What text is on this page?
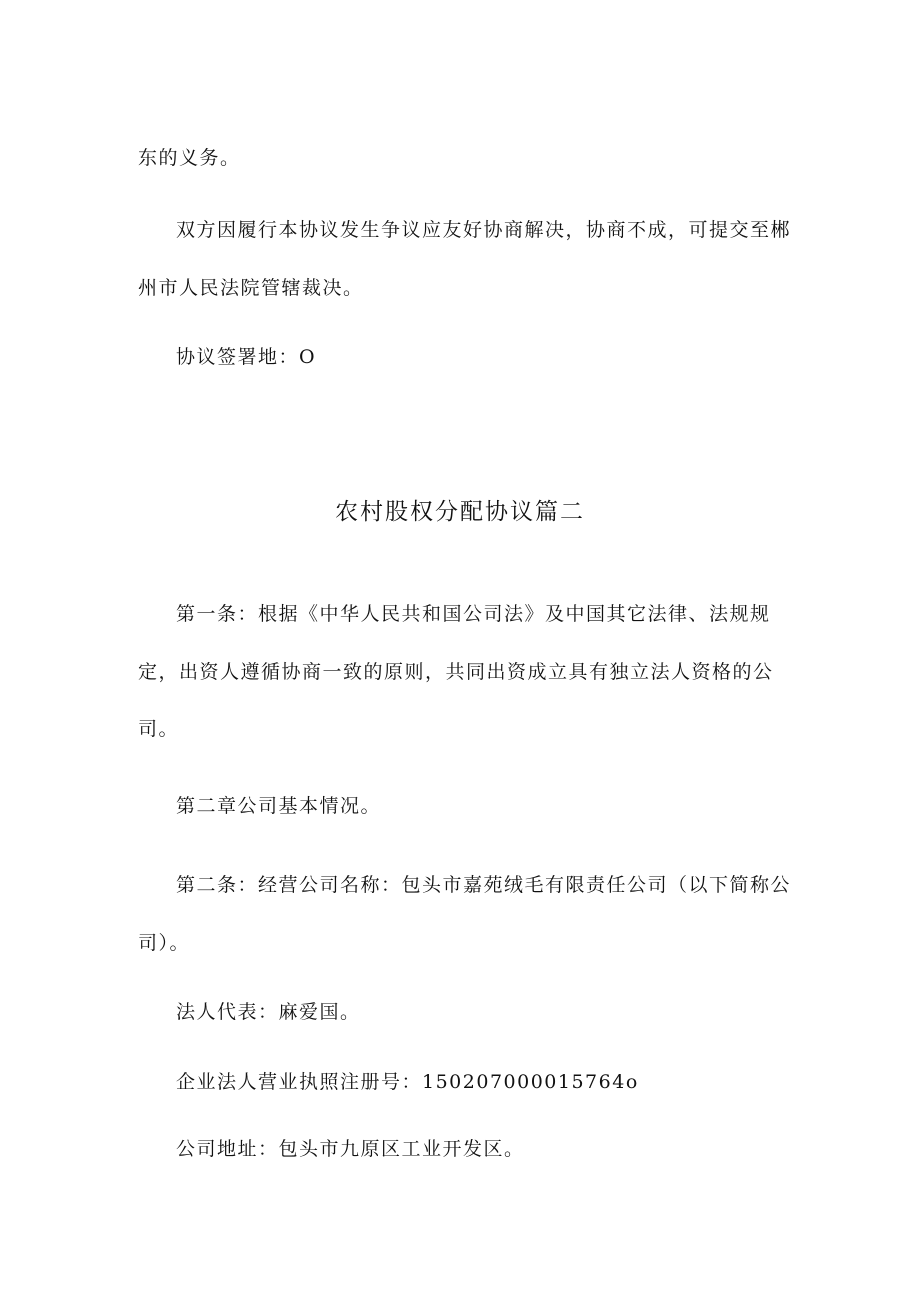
东的义务。
双方因履行本协议发生争议应友好协商解决，协商不成，可提交至郴
州市人民法院管辖裁决。
协议签署地：O
农村股权分配协议篇二
第一条：根据《中华人民共和国公司法》及中国其它法律、法规规
定，出资人遵循协商一致的原则，共同出资成立具有独立法人资格的公
司。
第二章公司基本情况。
第二条：经营公司名称：包头市嘉苑绒毛有限责任公司（以下简称公
司）。
法人代表：麻爱国。
企业法人营业执照注册号：150207000015764o
公司地址：包头市九原区工业开发区。
